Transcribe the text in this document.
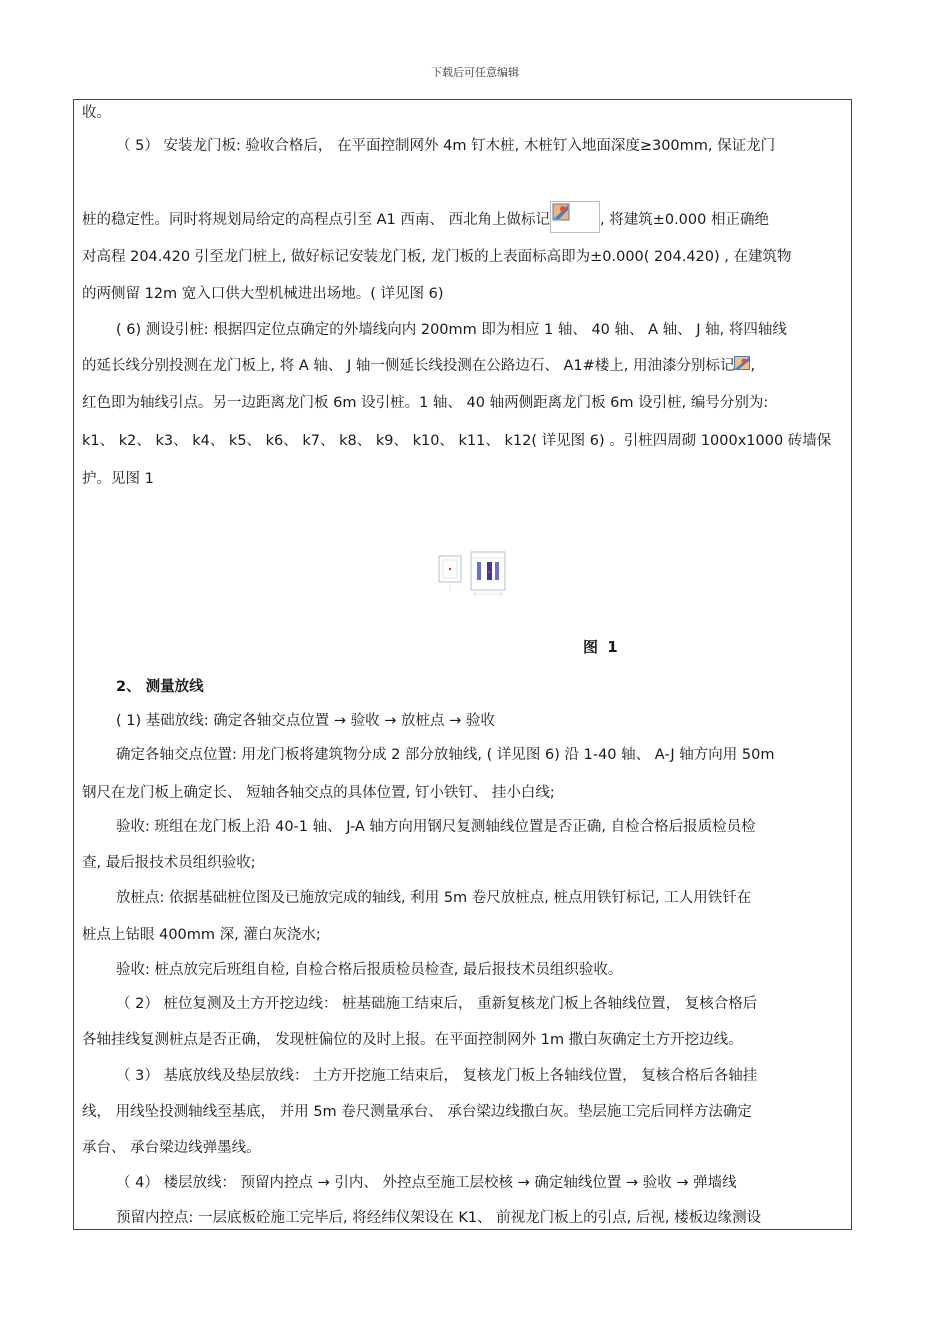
下载后可任意编辑
收。
（ 5） 安装龙门板: 验收合格后， 在平面控制网外 4m 钉木桩, 木桩钉入地面深度≥300mm, 保证龙门
桩的稳定性。同时将规划局给定的高程点引至 A1 西南、 西北角上做标记	, 将建筑±0.000 相正确绝
对高程 204.420 引至龙门桩上, 做好标记安装龙门板, 龙门板的上表面标高即为±0.000( 204.420) , 在建筑物
的两侧留 12m 宽入口供大型机械进出场地。( 详见图 6)
( 6) 测设引桩: 根据四定位点确定的外墙线向内 200mm 即为相应 1 轴、 40 轴、 A 轴、 J 轴, 将四轴线
的延长线分别投测在龙门板上, 将 A 轴、 J 轴一侧延长线投测在公路边石、 A1#楼上, 用油漆分别标记 ,
红色即为轴线引点。另一边距离龙门板 6m 设引桩。1 轴、 40 轴两侧距离龙门板 6m 设引桩, 编号分别为:
k1、 k2、 k3、 k4、 k5、 k6、 k7、 k8、 k9、 k10、 k11、 k12( 详见图 6) 。引桩四周砌 1000x1000 砖墙保
护。见图 1
图 1
2、 测量放线
( 1) 基础放线: 确定各轴交点位置 → 验收 → 放桩点 → 验收
确定各轴交点位置: 用龙门板将建筑物分成 2 部分放轴线, ( 详见图 6) 沿 1-40 轴、 A-J 轴方向用 50m
钢尺在龙门板上确定长、 短轴各轴交点的具体位置, 钉小铁钉、 挂小白线;
验收: 班组在龙门板上沿 40-1 轴、 J-A 轴方向用钢尺复测轴线位置是否正确, 自检合格后报质检员检
查, 最后报技术员组织验收;
放桩点: 依据基础桩位图及已施放完成的轴线, 利用 5m 卷尺放桩点, 桩点用铁钉标记, 工人用铁钎在
桩点上钻眼 400mm 深, 灌白灰浇水;
验收: 桩点放完后班组自检, 自检合格后报质检员检查, 最后报技术员组织验收。
（ 2） 桩位复测及土方开挖边线： 桩基础施工结束后， 重新复核龙门板上各轴线位置， 复核合格后
各轴挂线复测桩点是否正确， 发现桩偏位的及时上报。在平面控制网外 1m 撒白灰确定土方开挖边线。
（ 3） 基底放线及垫层放线： 土方开挖施工结束后， 复核龙门板上各轴线位置， 复核合格后各轴挂
线， 用线坠投测轴线至基底， 并用 5m 卷尺测量承台、 承台梁边线撒白灰。垫层施工完后同样方法确定
承台、 承台梁边线弹墨线。
（ 4） 楼层放线： 预留内控点 → 引内、 外控点至施工层校核 → 确定轴线位置 → 验收 → 弹墙线
预留内控点: 一层底板砼施工完毕后, 将经纬仪架设在 K1、 前视龙门板上的引点, 后视, 楼板边缘测设
